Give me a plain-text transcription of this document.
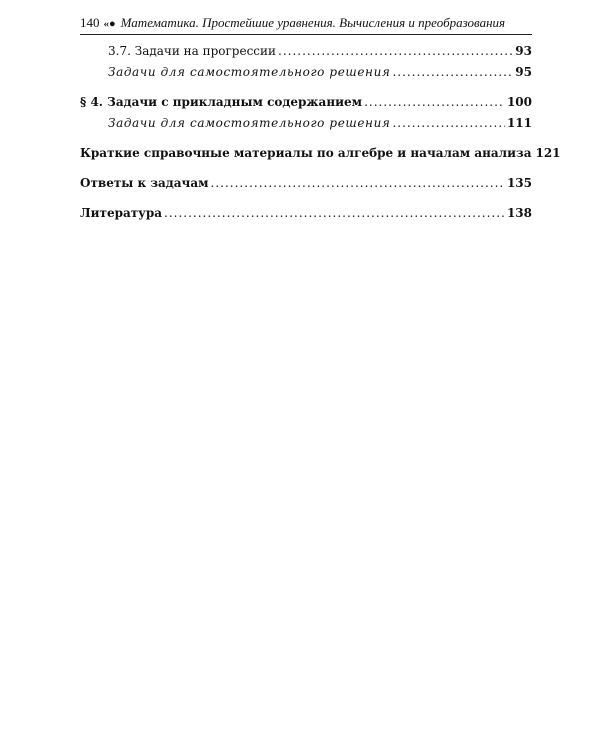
140 «● Математика. Простейшие уравнения. Вычисления и преобразования
3.7. Задачи на прогрессии .....	93
Задачи для самостоятельного решения .....	95
§ 4. Задачи с прикладным содержанием .....	100
Задачи для самостоятельного решения .....	111
Краткие справочные материалы по алгебре и началам анализа 121
Ответы к задачам .....	135
Литература .....	138
